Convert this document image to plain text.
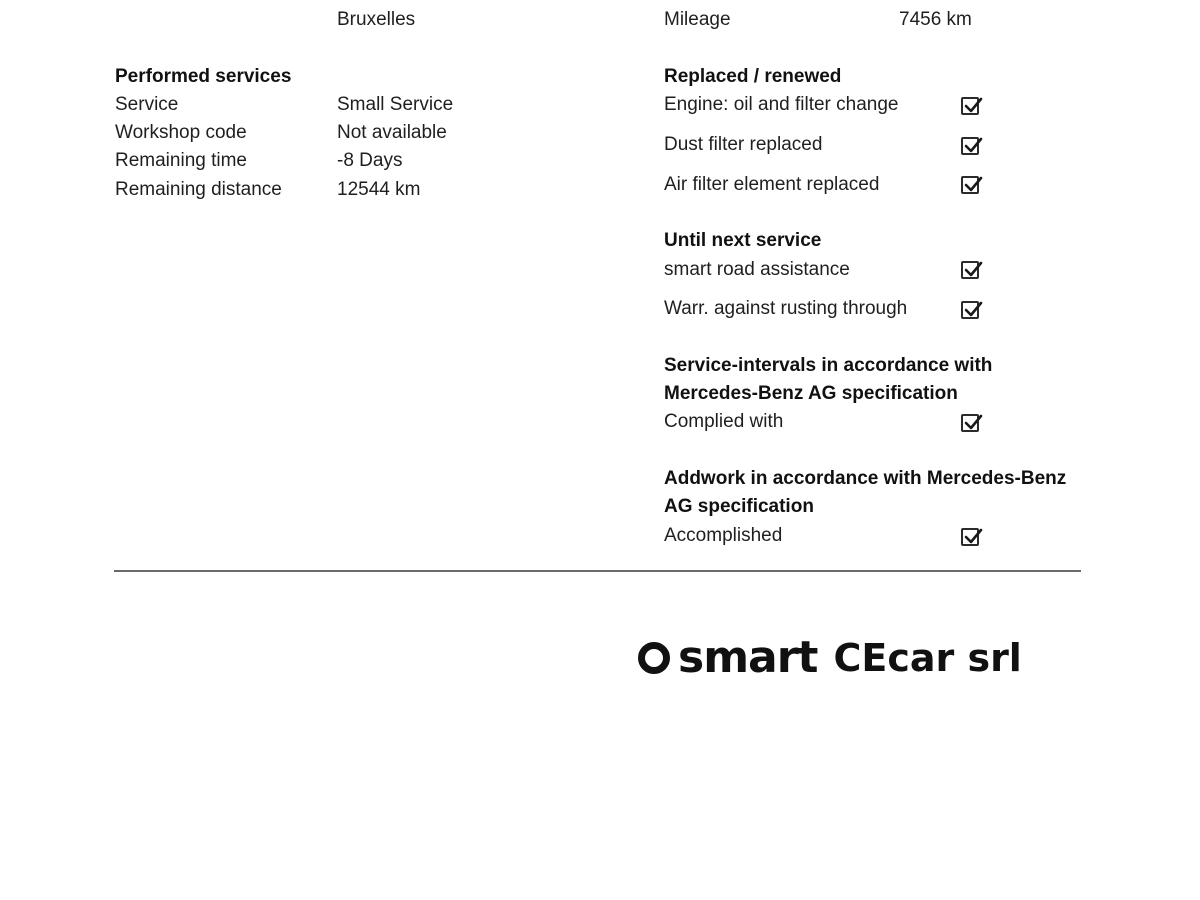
Bruxelles	Mileage	7456 km
Performed services
Service	Small Service
Workshop code	Not available
Remaining time	-8 Days
Remaining distance	12544 km
Replaced / renewed
Engine: oil and filter change
Dust filter replaced
Air filter element replaced
Until next service
smart road assistance
Warr. against rusting through
Service-intervals in accordance with
Mercedes-Benz AG specification
Complied with
Addwork in accordance with Mercedes-Benz
AG specification
Accomplished
smart CEcar srl
